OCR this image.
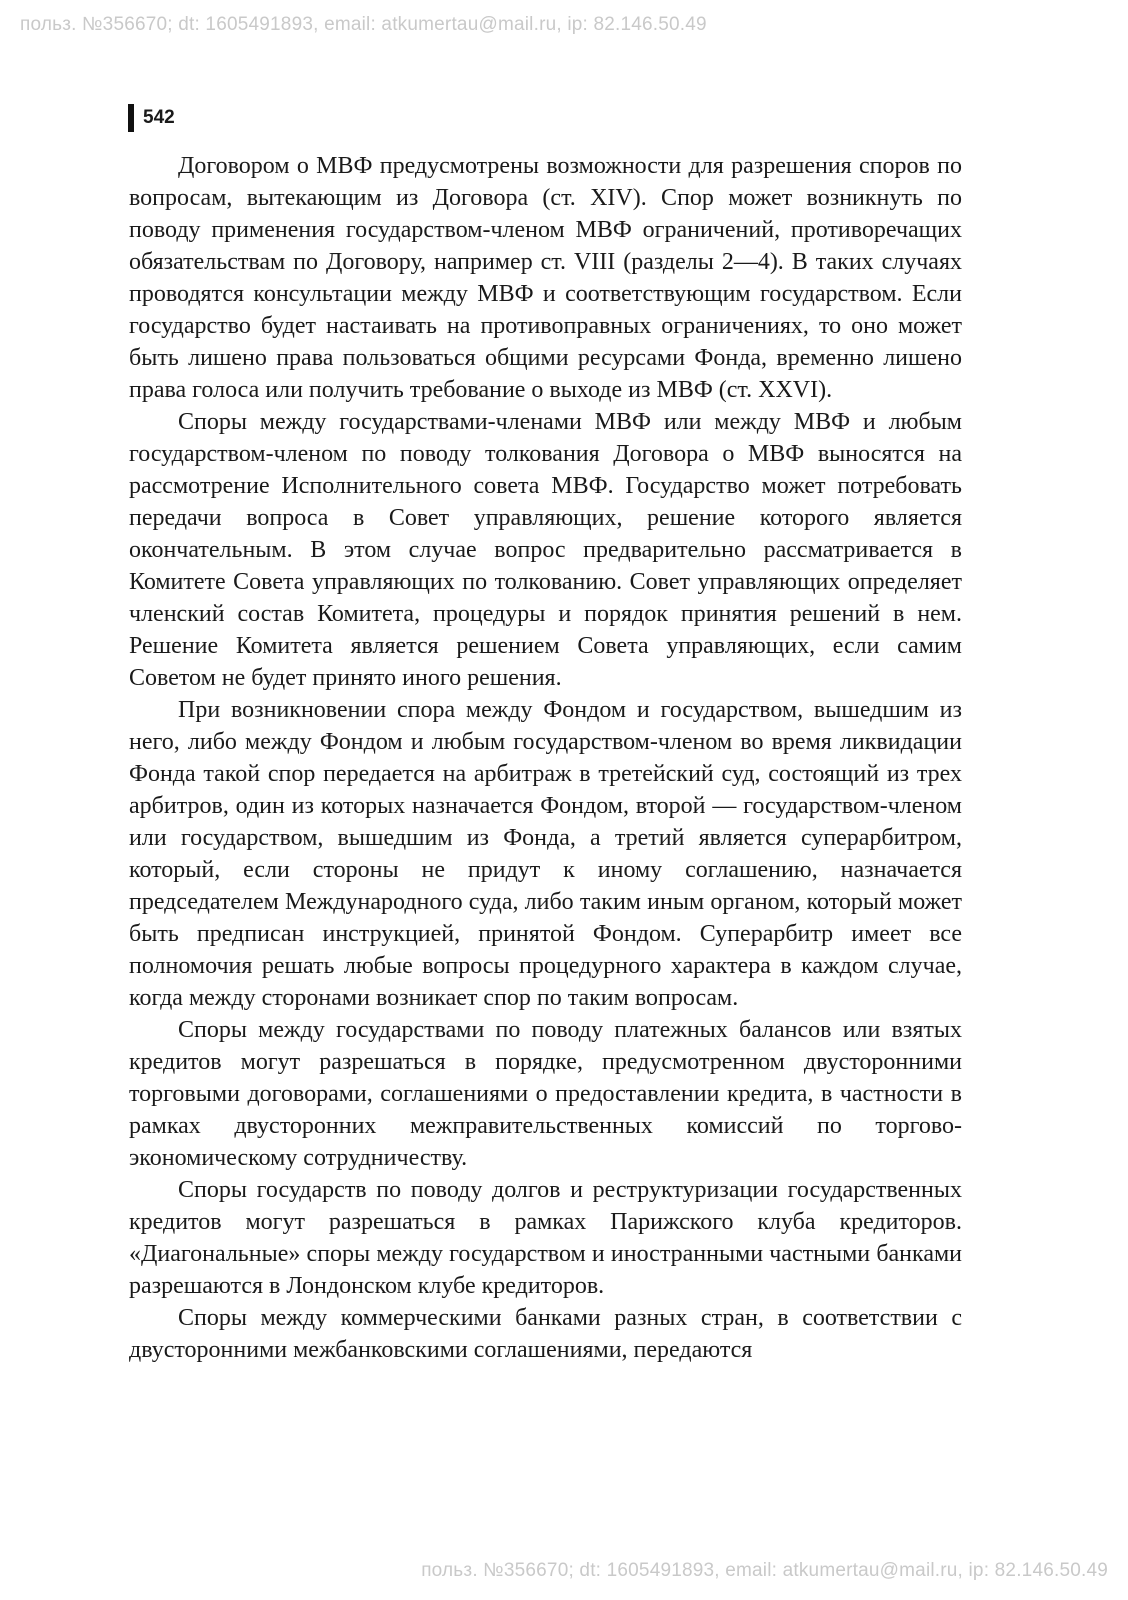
польз. №356670; dt: 1605491893, email: atkumertau@mail.ru, ip: 82.146.50.49
542

Договором о МВФ предусмотрены возможности для разрешения споров по вопросам, вытекающим из Договора (ст. XIV). Спор может возникнуть по поводу применения государством-членом МВФ ограничений, противоречащих обязательствам по Договору, например ст. VIII (разделы 2—4). В таких случаях проводятся консультации между МВФ и соответствующим государством. Если государство будет настаивать на противоправных ограничениях, то оно может быть лишено права пользоваться общими ресурсами Фонда, временно лишено права голоса или получить требование о выходе из МВФ (ст. XXVI).

Споры между государствами-членами МВФ или между МВФ и любым государством-членом по поводу толкования Договора о МВФ выносятся на рассмотрение Исполнительного совета МВФ. Государство может потребовать передачи вопроса в Совет управляющих, решение которого является окончательным. В этом случае вопрос предварительно рассматривается в Комитете Совета управляющих по толкованию. Совет управляющих определяет членский состав Комитета, процедуры и порядок принятия решений в нем. Решение Комитета является решением Совета управляющих, если самим Советом не будет принято иного решения.

При возникновении спора между Фондом и государством, вышедшим из него, либо между Фондом и любым государством-членом во время ликвидации Фонда такой спор передается на арбитраж в третейский суд, состоящий из трех арбитров, один из которых назначается Фондом, второй — государством-членом или государством, вышедшим из Фонда, а третий является суперарбитром, который, если стороны не придут к иному соглашению, назначается председателем Международного суда, либо таким иным органом, который может быть предписан инструкцией, принятой Фондом. Суперарбитр имеет все полномочия решать любые вопросы процедурного характера в каждом случае, когда между сторонами возникает спор по таким вопросам.

Споры между государствами по поводу платежных балансов или взятых кредитов могут разрешаться в порядке, предусмотренном двусторонними торговыми договорами, соглашениями о предоставлении кредита, в частности в рамках двусторонних межправительственных комиссий по торгово-экономическому сотрудничеству.

Споры государств по поводу долгов и реструктуризации государственных кредитов могут разрешаться в рамках Парижского клуба кредиторов. «Диагональные» споры между государством и иностранными частными банками разрешаются в Лондонском клубе кредиторов.

Споры между коммерческими банками разных стран, в соответствии с двусторонними межбанковскими соглашениями, передаются

польз. №356670; dt: 1605491893, email: atkumertau@mail.ru, ip: 82.146.50.49
